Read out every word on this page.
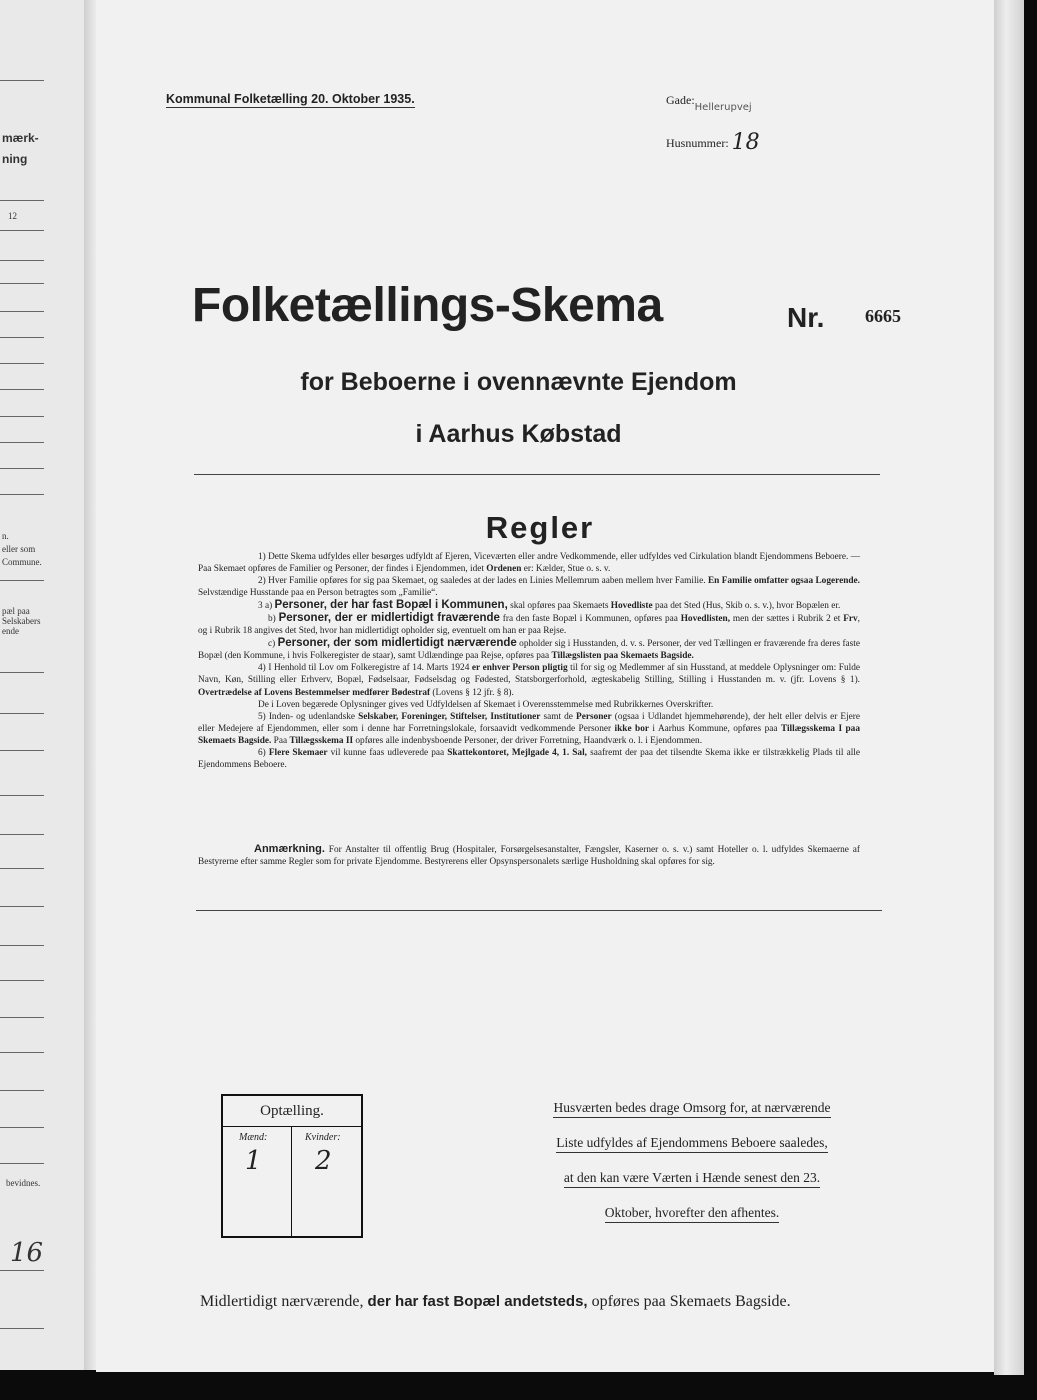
mærk-
ning
12
n.
eller som
Commune.
pæl paa
Selskabers
ende
bevidnes.
16
Kommunal Folketælling 20. Oktober 1935.	$Gade:_{Hellerupvej}$
Husnummer: 18
Folketællings-Skema	Nr. 6665
for Beboerne i ovennævnte Ejendom
i Aarhus Købstad
Regler

1) Dette Skema udfyldes eller besørges udfyldt af Ejeren, Viceværten eller andre Vedkommende, eller udfyldes ved Cirkulation blandt Ejendommens Beboere. — Paa Skemaet opføres de Familier og Personer, der findes i Ejendommen, idet Ordenen er: Kælder, Stue o. s. v.

2) Hver Familie opføres for sig paa Skemaet, og saaledes at der lades en Linies Mellemrum aaben mellem hver Familie. En Familie omfatter ogsaa Logerende. Selvstændige Husstande paa en Person betragtes som „Familie“.

3 a) Personer, der har fast Bopæl i Kommunen, skal opføres paa Skemaets Hovedliste paa det Sted (Hus, Skib o. s. v.), hvor Bopælen er.

b) Personer, der er midlertidigt fraværende fra den faste Bopæl i Kommunen, opføres paa Hovedlisten, men der sættes i Rubrik 2 et Frv, og i Rubrik 18 angives det Sted, hvor han midlertidigt opholder sig, eventuelt om han er paa Rejse.

c) Personer, der som midlertidigt nærværende opholder sig i Husstanden, d. v. s. Personer, der ved Tællingen er fraværende fra deres faste Bopæl (den Kommune, i hvis Folkeregister de staar), samt Udlændinge paa Rejse, opføres paa Tillægslisten paa Skemaets Bagside.

4) I Henhold til Lov om Folkeregistre af 14. Marts 1924 er enhver Person pligtig til for sig og Medlemmer af sin Husstand, at meddele Oplysninger om: Fulde Navn, Køn, Stilling eller Erhverv, Bopæl, Fødselsaar, Fødselsdag og Fødested, Statsborgerforhold, ægteskabelig Stilling, Stilling i Husstanden m. v. (jfr. Lovens § 1). Overtrædelse af Lovens Bestemmelser medfører Bødestraf (Lovens § 12 jfr. § 8).

De i Loven begærede Oplysninger gives ved Udfyldelsen af Skemaet i Overensstemmelse med Rubrikkernes Overskrifter.

5) Inden- og udenlandske Selskaber, Foreninger, Stiftelser, Institutioner samt de Personer (ogsaa i Udlandet hjemmehørende), der helt eller delvis er Ejere eller Medejere af Ejendommen, eller som i denne har Forretningslokale, forsaavidt vedkommende Personer ikke bor i Aarhus Kommune, opføres paa Tillægsskema I paa Skemaets Bagside. Paa Tillægsskema II opføres alle indenbysboende Personer, der driver Forretning, Haandværk o. l. i Ejendommen.

6) Flere Skemaer vil kunne faas udleverede paa Skattekontoret, Mejlgade 4, 1. Sal, saafremt der paa det tilsendte Skema ikke er tilstrækkelig Plads til alle Ejendommens Beboere.

Anmærkning. For Anstalter til offentlig Brug (Hospitaler, Forsørgelsesanstalter, Fængsler, Kaserner o. s. v.) samt Hoteller o. l. udfyldes Skemaerne af Bestyrerne efter samme Regler som for private Ejendomme. Bestyrerens eller Opsynspersonalets særlige Husholdning skal opføres for sig.

Optælling.
Mænd:	Kvinder:
1 2
Husværten bedes drage Omsorg for, at nærværende
Liste udfyldes af Ejendommens Beboere saaledes,
at den kan være Værten i Hænde senest den 23.
Oktober, hvorefter den afhentes.
Midlertidigt nærværende, der har fast Bopæl andetsteds, opføres paa Skemaets Bagside.
